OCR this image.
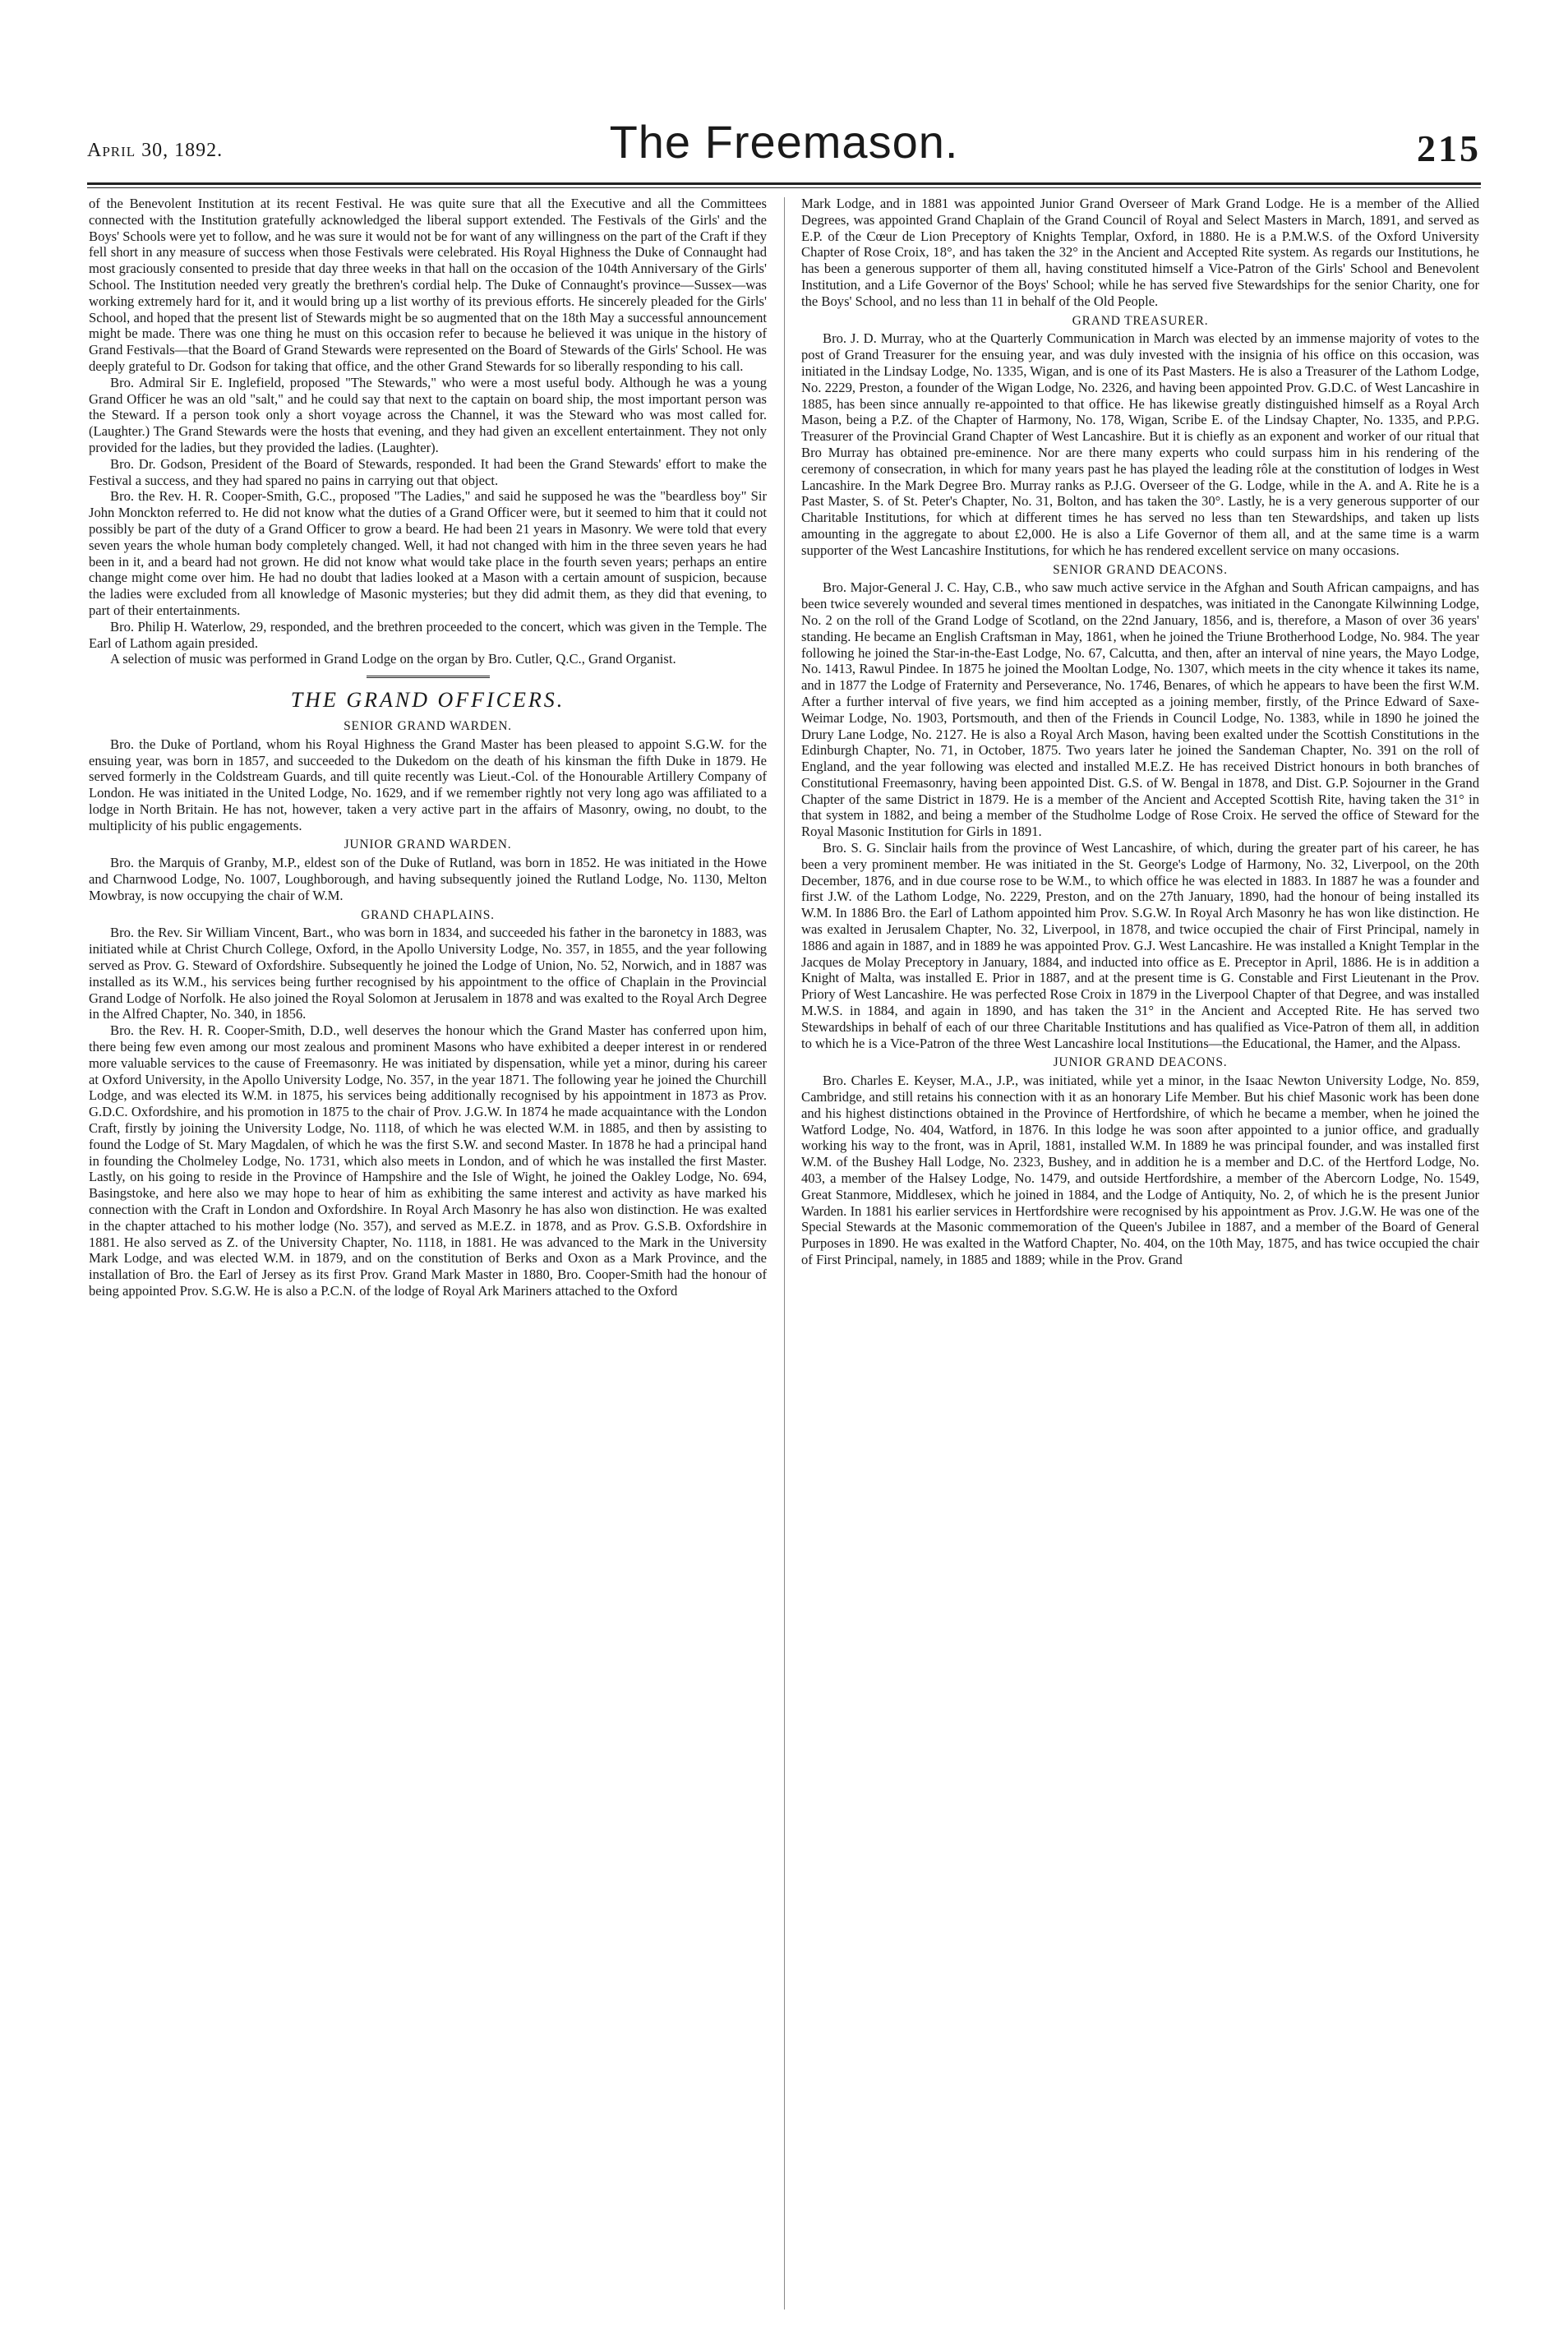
April 30, 1892.	The Freemason.	215

of the Benevolent Institution at its recent Festival. He was quite sure that all the Executive and all the Committees connected with the Institution gratefully acknowledged the liberal support extended. The Festivals of the Girls' and the Boys' Schools were yet to follow, and he was sure it would not be for want of any willingness on the part of the Craft if they fell short in any measure of success when those Festivals were celebrated. His Royal Highness the Duke of Connaught had most graciously consented to preside that day three weeks in that hall on the occasion of the 104th Anniversary of the Girls' School. The Institution needed very greatly the brethren's cordial help. The Duke of Connaught's province—Sussex—was working extremely hard for it, and it would bring up a list worthy of its previous efforts. He sincerely pleaded for the Girls' School, and hoped that the present list of Stewards might be so augmented that on the 18th May a successful announcement might be made. There was one thing he must on this occasion refer to because he believed it was unique in the history of Grand Festivals—that the Board of Grand Stewards were represented on the Board of Stewards of the Girls' School. He was deeply grateful to Dr. Godson for taking that office, and the other Grand Stewards for so liberally responding to his call.

Bro. Admiral Sir E. Inglefield, proposed "The Stewards," who were a most useful body. Although he was a young Grand Officer he was an old "salt," and he could say that next to the captain on board ship, the most important person was the Steward. If a person took only a short voyage across the Channel, it was the Steward who was most called for. (Laughter.) The Grand Stewards were the hosts that evening, and they had given an excellent entertainment. They not only provided for the ladies, but they provided the ladies. (Laughter).

Bro. Dr. Godson, President of the Board of Stewards, responded. It had been the Grand Stewards' effort to make the Festival a success, and they had spared no pains in carrying out that object.

Bro. the Rev. H. R. Cooper-Smith, G.C., proposed "The Ladies," and said he supposed he was the "beardless boy" Sir John Monckton referred to. He did not know what the duties of a Grand Officer were, but it seemed to him that it could not possibly be part of the duty of a Grand Officer to grow a beard. He had been 21 years in Masonry. We were told that every seven years the whole human body completely changed. Well, it had not changed with him in the three seven years he had been in it, and a beard had not grown. He did not know what would take place in the fourth seven years; perhaps an entire change might come over him. He had no doubt that ladies looked at a Mason with a certain amount of suspicion, because the ladies were excluded from all knowledge of Masonic mysteries; but they did admit them, as they did that evening, to part of their entertainments.

Bro. Philip H. Waterlow, 29, responded, and the brethren proceeded to the concert, which was given in the Temple. The Earl of Lathom again presided.

A selection of music was performed in Grand Lodge on the organ by Bro. Cutler, Q.C., Grand Organist.

THE GRAND OFFICERS.
SENIOR GRAND WARDEN.

Bro. the Duke of Portland, whom his Royal Highness the Grand Master has been pleased to appoint S.G.W. for the ensuing year, was born in 1857, and succeeded to the Dukedom on the death of his kinsman the fifth Duke in 1879. He served formerly in the Coldstream Guards, and till quite recently was Lieut.-Col. of the Honourable Artillery Company of London. He was initiated in the United Lodge, No. 1629, and if we remember rightly not very long ago was affiliated to a lodge in North Britain. He has not, however, taken a very active part in the affairs of Masonry, owing, no doubt, to the multiplicity of his public engagements.

JUNIOR GRAND WARDEN.

Bro. the Marquis of Granby, M.P., eldest son of the Duke of Rutland, was born in 1852. He was initiated in the Howe and Charnwood Lodge, No. 1007, Loughborough, and having subsequently joined the Rutland Lodge, No. 1130, Melton Mowbray, is now occupying the chair of W.M.

GRAND CHAPLAINS.

Bro. the Rev. Sir William Vincent, Bart., who was born in 1834, and succeeded his father in the baronetcy in 1883, was initiated while at Christ Church College, Oxford, in the Apollo University Lodge, No. 357, in 1855, and the year following served as Prov. G. Steward of Oxfordshire. Subsequently he joined the Lodge of Union, No. 52, Norwich, and in 1887 was installed as its W.M., his services being further recognised by his appointment to the office of Chaplain in the Provincial Grand Lodge of Norfolk. He also joined the Royal Solomon at Jerusalem in 1878 and was exalted to the Royal Arch Degree in the Alfred Chapter, No. 340, in 1856.

Bro. the Rev. H. R. Cooper-Smith, D.D., well deserves the honour which the Grand Master has conferred upon him, there being few even among our most zealous and prominent Masons who have exhibited a deeper interest in or rendered more valuable services to the cause of Freemasonry. He was initiated by dispensation, while yet a minor, during his career at Oxford University, in the Apollo University Lodge, No. 357, in the year 1871. The following year he joined the Churchill Lodge, and was elected its W.M. in 1875, his services being additionally recognised by his appointment in 1873 as Prov. G.D.C. Oxfordshire, and his promotion in 1875 to the chair of Prov. J.G.W. In 1874 he made acquaintance with the London Craft, firstly by joining the University Lodge, No. 1118, of which he was elected W.M. in 1885, and then by assisting to found the Lodge of St. Mary Magdalen, of which he was the first S.W. and second Master. In 1878 he had a principal hand in founding the Cholmeley Lodge, No. 1731, which also meets in London, and of which he was installed the first Master. Lastly, on his going to reside in the Province of Hampshire and the Isle of Wight, he joined the Oakley Lodge, No. 694, Basingstoke, and here also we may hope to hear of him as exhibiting the same interest and activity as have marked his connection with the Craft in London and Oxfordshire. In Royal Arch Masonry he has also won distinction. He was exalted in the chapter attached to his mother lodge (No. 357), and served as M.E.Z. in 1878, and as Prov. G.S.B. Oxfordshire in 1881. He also served as Z. of the University Chapter, No. 1118, in 1881. He was advanced to the Mark in the University Mark Lodge, and was elected W.M. in 1879, and on the constitution of Berks and Oxon as a Mark Province, and the installation of Bro. the Earl of Jersey as its first Prov. Grand Mark Master in 1880, Bro. Cooper-Smith had the honour of being appointed Prov. S.G.W. He is also a P.C.N. of the lodge of Royal Ark Mariners attached to the Oxford

Mark Lodge, and in 1881 was appointed Junior Grand Overseer of Mark Grand Lodge. He is a member of the Allied Degrees, was appointed Grand Chaplain of the Grand Council of Royal and Select Masters in March, 1891, and served as E.P. of the Cœur de Lion Preceptory of Knights Templar, Oxford, in 1880. He is a P.M.W.S. of the Oxford University Chapter of Rose Croix, 18°, and has taken the 32° in the Ancient and Accepted Rite system. As regards our Institutions, he has been a generous supporter of them all, having constituted himself a Vice-Patron of the Girls' School and Benevolent Institution, and a Life Governor of the Boys' School; while he has served five Stewardships for the senior Charity, one for the Boys' School, and no less than 11 in behalf of the Old People.

GRAND TREASURER.

Bro. J. D. Murray, who at the Quarterly Communication in March was elected by an immense majority of votes to the post of Grand Treasurer for the ensuing year, and was duly invested with the insignia of his office on this occasion, was initiated in the Lindsay Lodge, No. 1335, Wigan, and is one of its Past Masters. He is also a Treasurer of the Lathom Lodge, No. 2229, Preston, a founder of the Wigan Lodge, No. 2326, and having been appointed Prov. G.D.C. of West Lancashire in 1885, has been since annually re-appointed to that office. He has likewise greatly distinguished himself as a Royal Arch Mason, being a P.Z. of the Chapter of Harmony, No. 178, Wigan, Scribe E. of the Lindsay Chapter, No. 1335, and P.P.G. Treasurer of the Provincial Grand Chapter of West Lancashire. But it is chiefly as an exponent and worker of our ritual that Bro Murray has obtained pre-eminence. Nor are there many experts who could surpass him in his rendering of the ceremony of consecration, in which for many years past he has played the leading rôle at the constitution of lodges in West Lancashire. In the Mark Degree Bro. Murray ranks as P.J.G. Overseer of the G. Lodge, while in the A. and A. Rite he is a Past Master, S. of St. Peter's Chapter, No. 31, Bolton, and has taken the 30°. Lastly, he is a very generous supporter of our Charitable Institutions, for which at different times he has served no less than ten Stewardships, and taken up lists amounting in the aggregate to about £2,000. He is also a Life Governor of them all, and at the same time is a warm supporter of the West Lancashire Institutions, for which he has rendered excellent service on many occasions.

SENIOR GRAND DEACONS.

Bro. Major-General J. C. Hay, C.B., who saw much active service in the Afghan and South African campaigns, and has been twice severely wounded and several times mentioned in despatches, was initiated in the Canongate Kilwinning Lodge, No. 2 on the roll of the Grand Lodge of Scotland, on the 22nd January, 1856, and is, therefore, a Mason of over 36 years' standing. He became an English Craftsman in May, 1861, when he joined the Triune Brotherhood Lodge, No. 984. The year following he joined the Star-in-the-East Lodge, No. 67, Calcutta, and then, after an interval of nine years, the Mayo Lodge, No. 1413, Rawul Pindee. In 1875 he joined the Mooltan Lodge, No. 1307, which meets in the city whence it takes its name, and in 1877 the Lodge of Fraternity and Perseverance, No. 1746, Benares, of which he appears to have been the first W.M. After a further interval of five years, we find him accepted as a joining member, firstly, of the Prince Edward of Saxe-Weimar Lodge, No. 1903, Portsmouth, and then of the Friends in Council Lodge, No. 1383, while in 1890 he joined the Drury Lane Lodge, No. 2127. He is also a Royal Arch Mason, having been exalted under the Scottish Constitutions in the Edinburgh Chapter, No. 71, in October, 1875. Two years later he joined the Sandeman Chapter, No. 391 on the roll of England, and the year following was elected and installed M.E.Z. He has received District honours in both branches of Constitutional Freemasonry, having been appointed Dist. G.S. of W. Bengal in 1878, and Dist. G.P. Sojourner in the Grand Chapter of the same District in 1879. He is a member of the Ancient and Accepted Scottish Rite, having taken the 31° in that system in 1882, and being a member of the Studholme Lodge of Rose Croix. He served the office of Steward for the Royal Masonic Institution for Girls in 1891.

Bro. S. G. Sinclair hails from the province of West Lancashire, of which, during the greater part of his career, he has been a very prominent member. He was initiated in the St. George's Lodge of Harmony, No. 32, Liverpool, on the 20th December, 1876, and in due course rose to be W.M., to which office he was elected in 1883. In 1887 he was a founder and first J.W. of the Lathom Lodge, No. 2229, Preston, and on the 27th January, 1890, had the honour of being installed its W.M. In 1886 Bro. the Earl of Lathom appointed him Prov. S.G.W. In Royal Arch Masonry he has won like distinction. He was exalted in Jerusalem Chapter, No. 32, Liverpool, in 1878, and twice occupied the chair of First Principal, namely in 1886 and again in 1887, and in 1889 he was appointed Prov. G.J. West Lancashire. He was installed a Knight Templar in the Jacques de Molay Preceptory in January, 1884, and inducted into office as E. Preceptor in April, 1886. He is in addition a Knight of Malta, was installed E. Prior in 1887, and at the present time is G. Constable and First Lieutenant in the Prov. Priory of West Lancashire. He was perfected Rose Croix in 1879 in the Liverpool Chapter of that Degree, and was installed M.W.S. in 1884, and again in 1890, and has taken the 31° in the Ancient and Accepted Rite. He has served two Stewardships in behalf of each of our three Charitable Institutions and has qualified as Vice-Patron of them all, in addition to which he is a Vice-Patron of the three West Lancashire local Institutions—the Educational, the Hamer, and the Alpass.

JUNIOR GRAND DEACONS.

Bro. Charles E. Keyser, M.A., J.P., was initiated, while yet a minor, in the Isaac Newton University Lodge, No. 859, Cambridge, and still retains his connection with it as an honorary Life Member. But his chief Masonic work has been done and his highest distinctions obtained in the Province of Hertfordshire, of which he became a member, when he joined the Watford Lodge, No. 404, Watford, in 1876. In this lodge he was soon after appointed to a junior office, and gradually working his way to the front, was in April, 1881, installed W.M. In 1889 he was principal founder, and was installed first W.M. of the Bushey Hall Lodge, No. 2323, Bushey, and in addition he is a member and D.C. of the Hertford Lodge, No. 403, a member of the Halsey Lodge, No. 1479, and outside Hertfordshire, a member of the Abercorn Lodge, No. 1549, Great Stanmore, Middlesex, which he joined in 1884, and the Lodge of Antiquity, No. 2, of which he is the present Junior Warden. In 1881 his earlier services in Hertfordshire were recognised by his appointment as Prov. J.G.W. He was one of the Special Stewards at the Masonic commemoration of the Queen's Jubilee in 1887, and a member of the Board of General Purposes in 1890. He was exalted in the Watford Chapter, No. 404, on the 10th May, 1875, and has twice occupied the chair of First Principal, namely, in 1885 and 1889; while in the Prov. Grand
